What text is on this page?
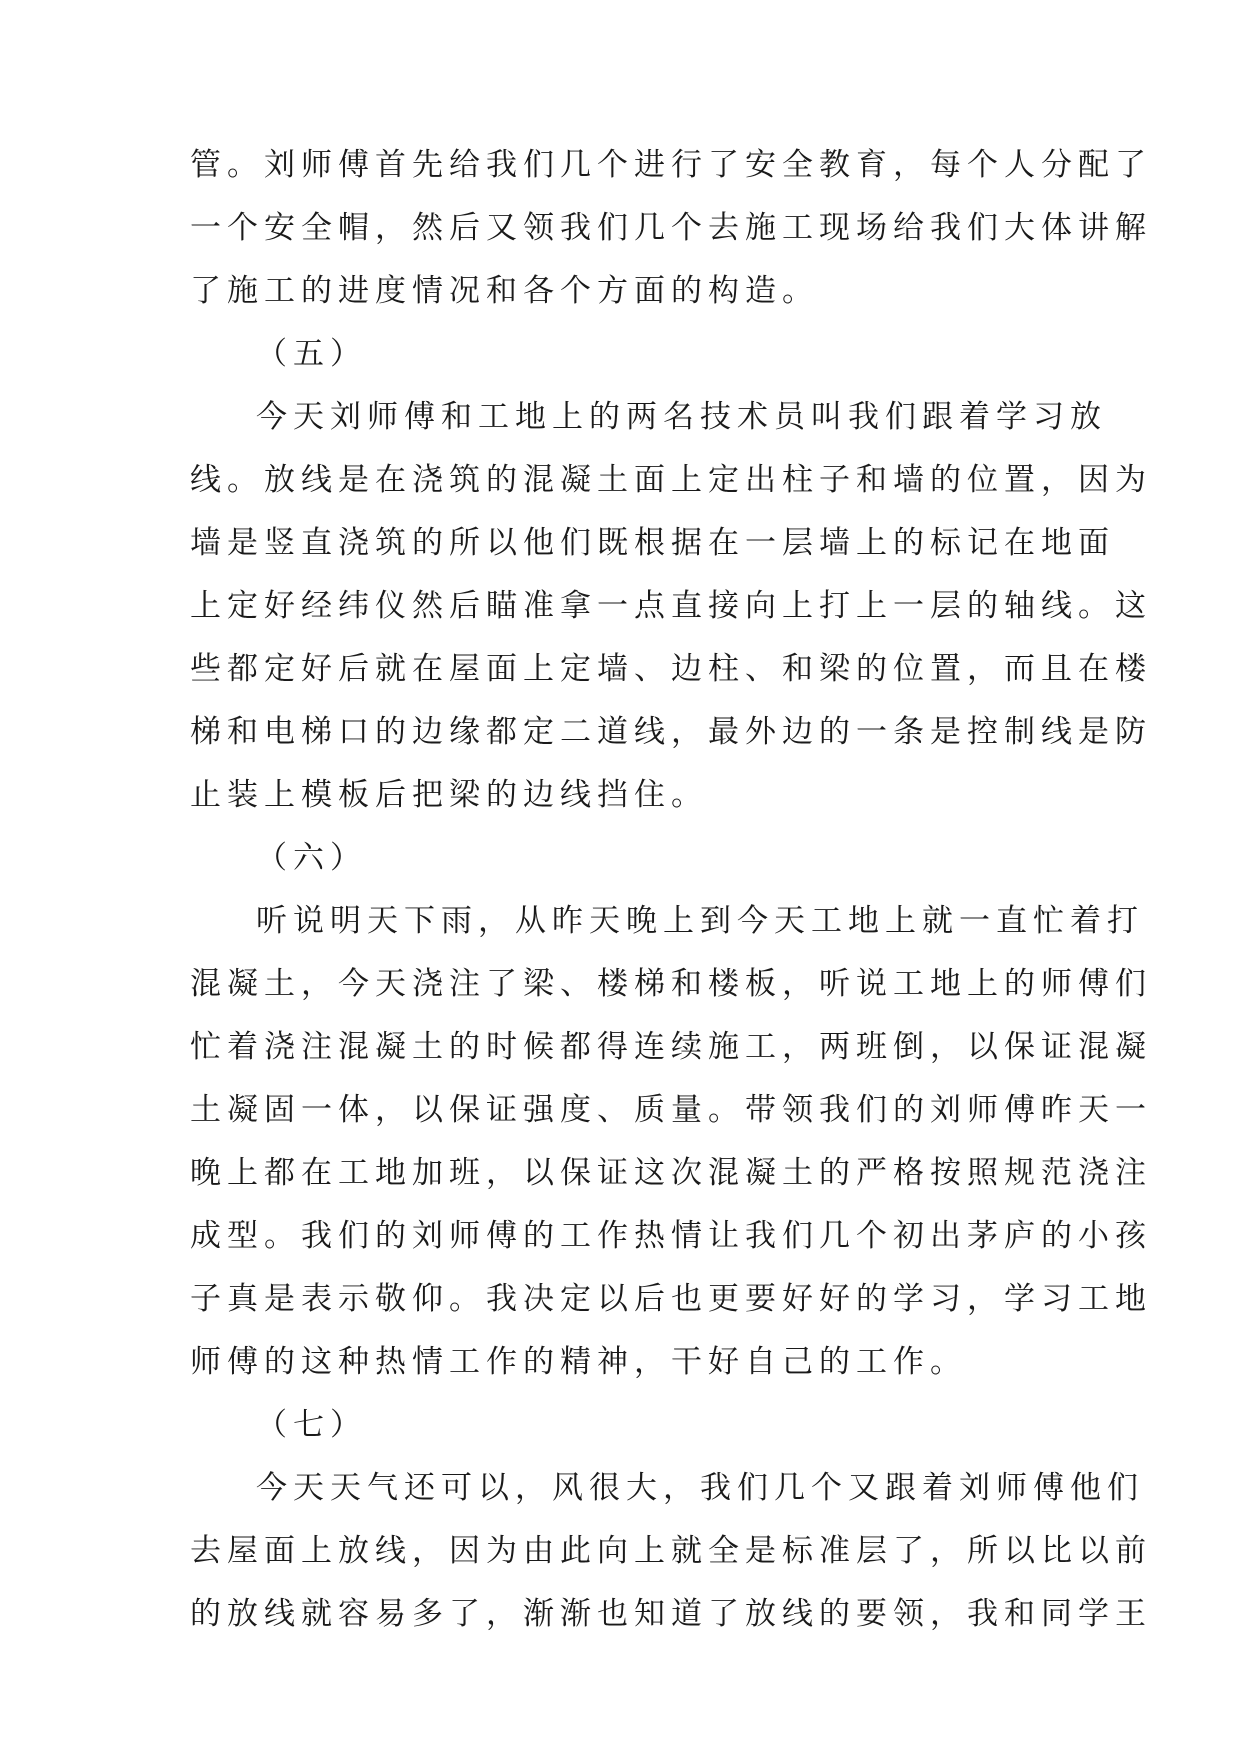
管。刘师傅首先给我们几个进行了安全教育，每个人分配了
一个安全帽，然后又领我们几个去施工现场给我们大体讲解
了施工的进度情况和各个方面的构造。
（五）
今天刘师傅和工地上的两名技术员叫我们跟着学习放
线。放线是在浇筑的混凝土面上定出柱子和墙的位置，因为
墙是竖直浇筑的所以他们既根据在一层墙上的标记在地面
上定好经纬仪然后瞄准拿一点直接向上打上一层的轴线。这
些都定好后就在屋面上定墙、边柱、和梁的位置，而且在楼
梯和电梯口的边缘都定二道线，最外边的一条是控制线是防
止装上模板后把梁的边线挡住。
（六）
听说明天下雨，从昨天晚上到今天工地上就一直忙着打
混凝土，今天浇注了梁、楼梯和楼板，听说工地上的师傅们
忙着浇注混凝土的时候都得连续施工，两班倒，以保证混凝
土凝固一体，以保证强度、质量。带领我们的刘师傅昨天一
晚上都在工地加班，以保证这次混凝土的严格按照规范浇注
成型。我们的刘师傅的工作热情让我们几个初出茅庐的小孩
子真是表示敬仰。我决定以后也更要好好的学习，学习工地
师傅的这种热情工作的精神，干好自己的工作。
（七）
今天天气还可以，风很大，我们几个又跟着刘师傅他们
去屋面上放线，因为由此向上就全是标准层了，所以比以前
的放线就容易多了，渐渐也知道了放线的要领，我和同学王
